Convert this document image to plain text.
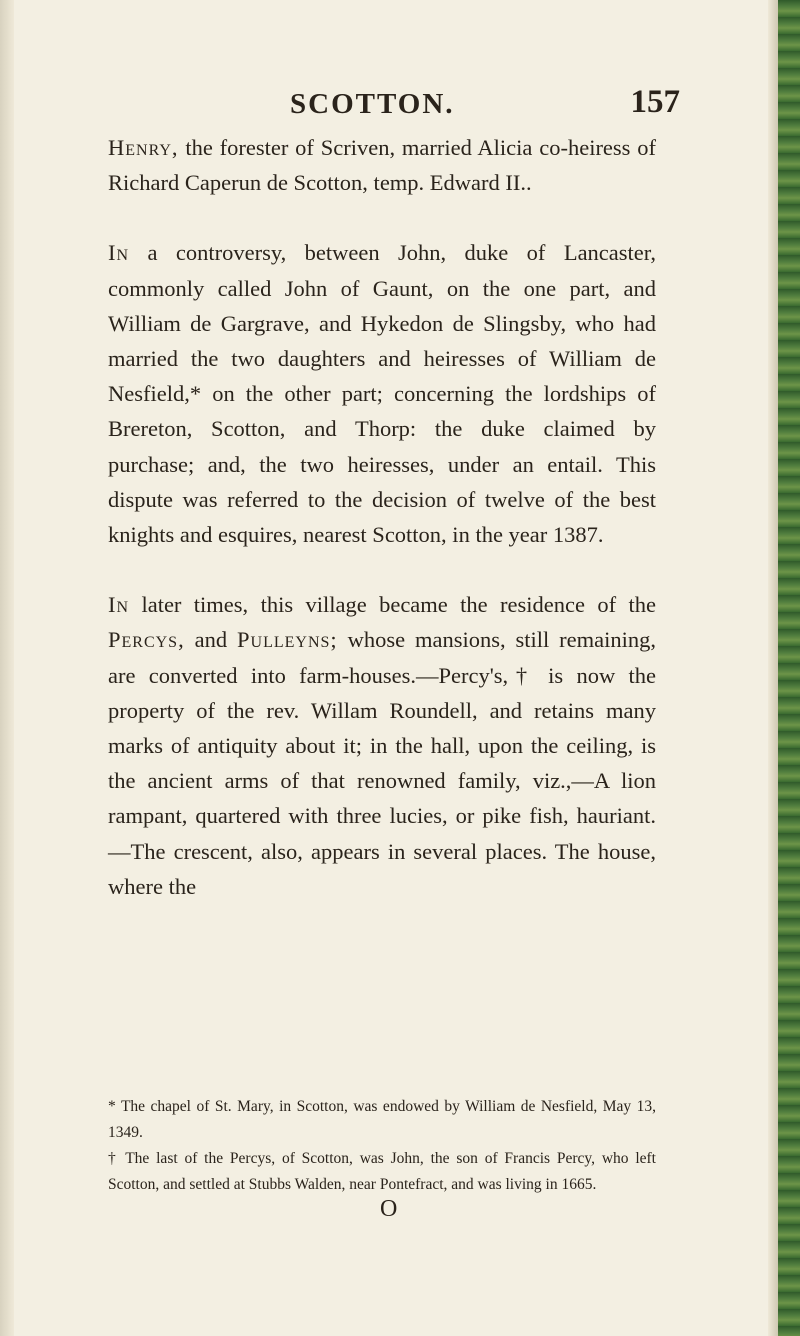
SCOTTON.	157

Henry, the forester of Scriven, married Alicia co-heiress of Richard Caperun de Scotton, temp. Edward II..

In a controversy, between John, duke of Lancaster, commonly called John of Gaunt, on the one part, and William de Gargrave, and Hykedon de Slingsby, who had married the two daughters and heiresses of William de Nesfield,* on the other part; concerning the lordships of Brereton, Scotton, and Thorp: the duke claimed by purchase; and, the two heiresses, under an entail. This dispute was referred to the decision of twelve of the best knights and esquires, nearest Scotton, in the year 1387.

In later times, this village became the residence of the Percys, and Pulleyns; whose mansions, still remaining, are converted into farm-houses.—Percy's,† is now the property of the rev. Willam Roundell, and retains many marks of antiquity about it; in the hall, upon the ceiling, is the ancient arms of that renowned family, viz.,—A lion rampant, quartered with three lucies, or pike fish, hauriant.—The crescent, also, appears in several places. The house, where the

* The chapel of St. Mary, in Scotton, was endowed by William de Nesfield, May 13, 1349.

† The last of the Percys, of Scotton, was John, the son of Francis Percy, who left Scotton, and settled at Stubbs Walden, near Pontefract, and was living in 1665.

O
